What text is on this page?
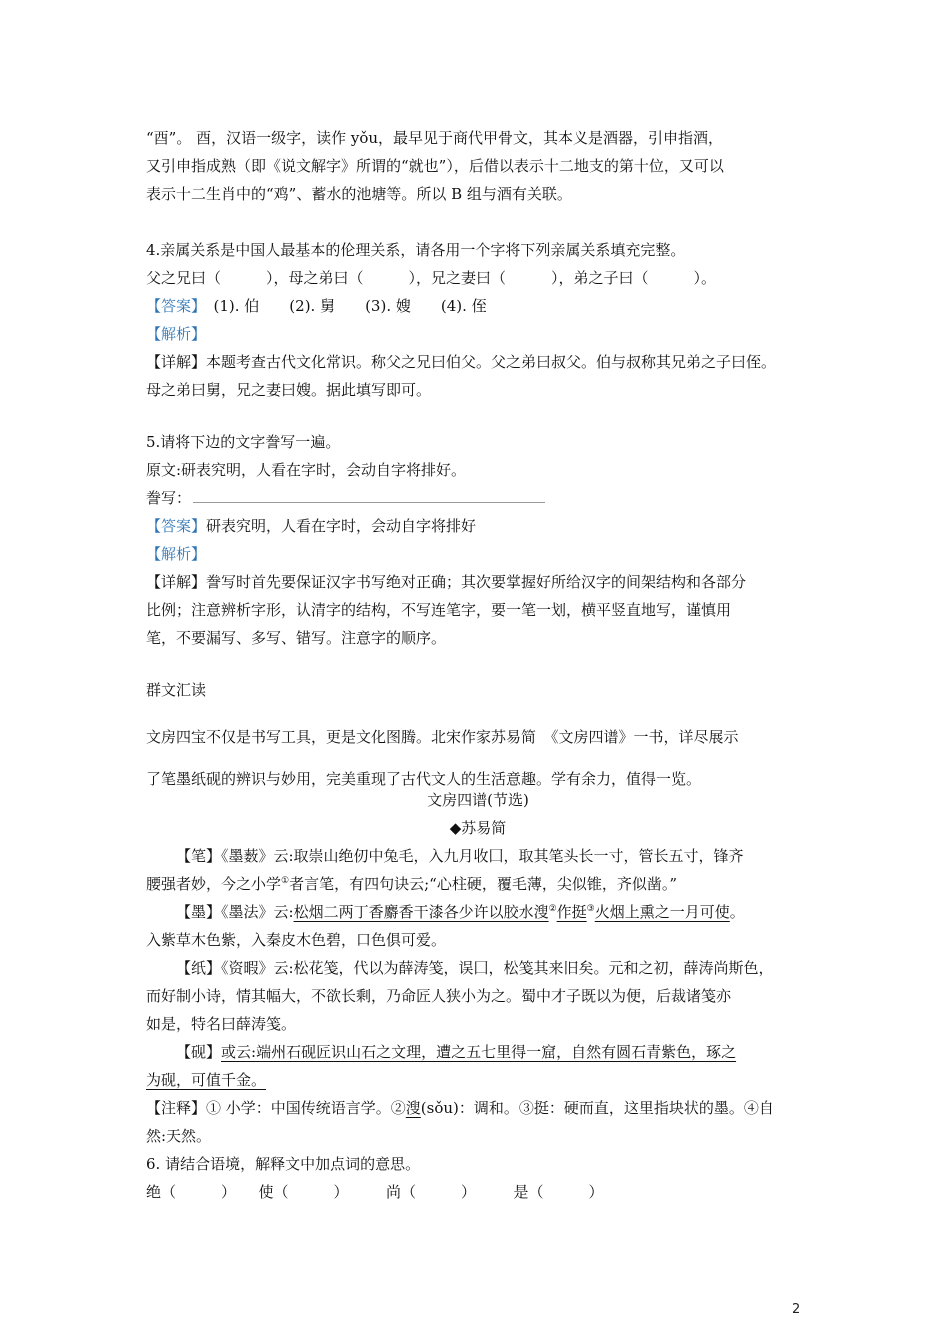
“酉”。 酉，汉语一级字，读作 yǒu，最早见于商代甲骨文，其本义是酒器，引申指酒，
又引申指成熟（即《说文解字》所谓的“就也”），后借以表示十二地支的第十位，又可以
表示十二生肖中的“鸡”、蓄水的池塘等。所以 B 组与酒有关联。
4.亲属关系是中国人最基本的伦理关系，请各用一个字将下列亲属关系填充完整。
父之兄曰（　　　），母之弟曰（　　　），兄之妻曰（　　　），弟之子曰（　　　）。
【答案】　(1). 伯　　(2). 舅　　(3). 嫂　　(4). 侄
【解析】
【详解】本题考查古代文化常识。称父之兄曰伯父。父之弟曰叔父。伯与叔称其兄弟之子曰侄。
母之弟曰舅，兄之妻曰嫂。据此填写即可。
5.请将下边的文字誊写一遍。
原文:研表究明，人看在字时，会动自字将排好。
誊写：
【答案】研表究明，人看在字时，会动自字将排好
【解析】
【详解】誊写时首先要保证汉字书写绝对正确；其次要掌握好所给汉字的间架结构和各部分
比例；注意辨析字形，认清字的结构，不写连笔字，要一笔一划，横平竖直地写，谨慎用
笔，不要漏写、多写、错写。注意字的顺序。
群文汇读
文房四宝不仅是书写工具，更是文化图腾。北宋作家苏易简　《文房四谱》一书，详尽展示
了笔墨纸砚的辨识与妙用，完美重现了古代文人的生活意趣。学有余力，值得一览。
文房四谱(节选)
◆苏易简
【笔】《墨薮》云:取崇山绝仞中兔毛，入九月收囗，取其笔头长一寸，管长五寸，锋齐
腰强者妙，今之小学①者言笔，有四句诀云;“心柱硬，覆毛薄，尖似锥，齐似凿。”
【墨】《墨法》云:松烟二两丁香麝香干漆各少许以胶水溲②作挺③火烟上熏之一月可使。
入紫草木色紫，入秦皮木色碧，口色俱可爱。
【纸】《资暇》云:松花笺，代以为薛涛笺，误囗，松笺其来旧矣。元和之初，薛涛尚斯色，
而好制小诗，情其幅大，不欲长剩，乃命匠人狭小为之。蜀中才子既以为便，后裁诸笺亦
如是，特名曰薛涛笺。
【砚】或云:端州石砚匠识山石之文理，遭之五七里得一窟，自然有圆石青紫色，琢之
为砚，可值千金。
【注释】① 小学：中国传统语言学。②溲(sǒu)：调和。③挺：硬而直，这里指块状的墨。④自
然:天然。
6. 请结合语境，解释文中加点词的意思。
绝（　　　）　　使（　　　）　　　尚（　　　）　　　是（　　　）
2
